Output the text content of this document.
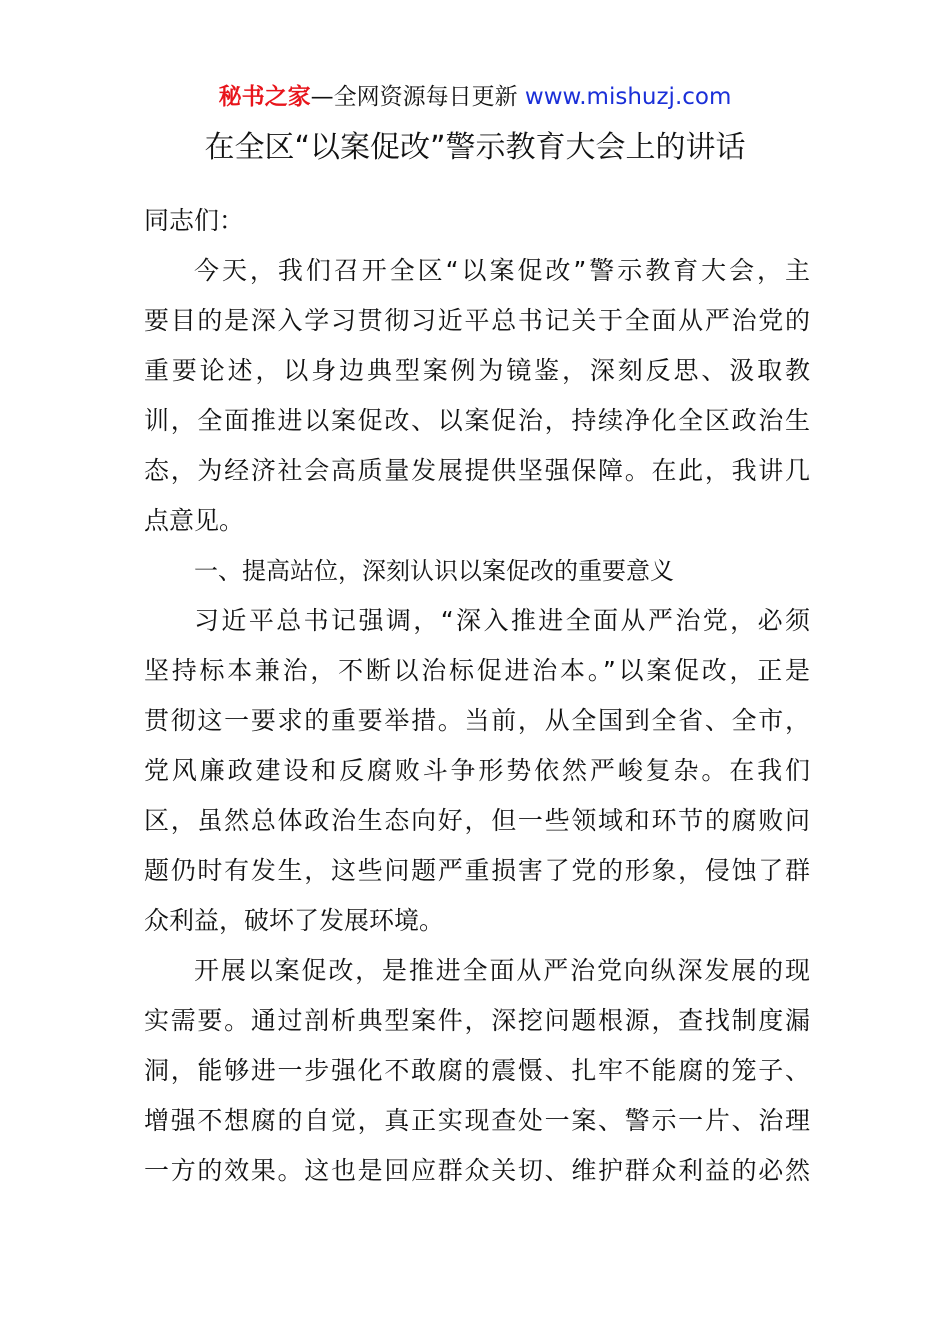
秘书之家—全网资源每日更新 www.mishuzj.com
在全区“以案促改”警示教育大会上的讲话
同志们：
今天，我们召开全区“以案促改”警示教育大会，主
要目的是深入学习贯彻习近平总书记关于全面从严治党的
重要论述，以身边典型案例为镜鉴，深刻反思、汲取教
训，全面推进以案促改、以案促治，持续净化全区政治生
态，为经济社会高质量发展提供坚强保障。在此，我讲几
点意见。
一、提高站位，深刻认识以案促改的重要意义
习近平总书记强调，“深入推进全面从严治党，必须
坚持标本兼治，不断以治标促进治本。”以案促改，正是
贯彻这一要求的重要举措。当前，从全国到全省、全市，
党风廉政建设和反腐败斗争形势依然严峻复杂。在我们
区，虽然总体政治生态向好，但一些领域和环节的腐败问
题仍时有发生，这些问题严重损害了党的形象，侵蚀了群
众利益，破坏了发展环境。
开展以案促改，是推进全面从严治党向纵深发展的现
实需要。通过剖析典型案件，深挖问题根源，查找制度漏
洞，能够进一步强化不敢腐的震慑、扎牢不能腐的笼子、
增强不想腐的自觉，真正实现查处一案、警示一片、治理
一方的效果。这也是回应群众关切、维护群众利益的必然
